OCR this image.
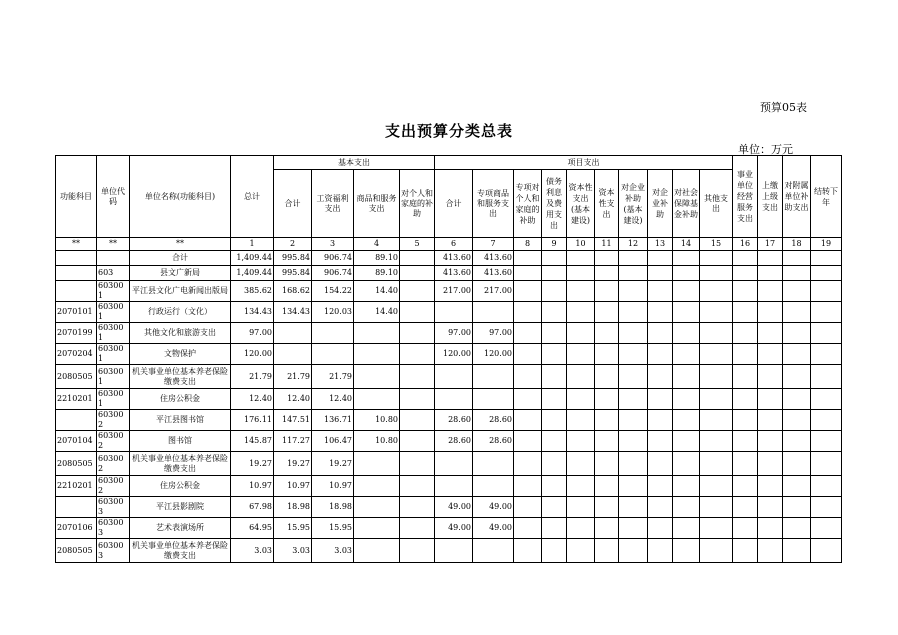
预算05表
支出预算分类总表
单位：万元
功能科目	单位代码	单位名称(功能科目)	总计	基本支出				项目支出										事业单位经营服务支出	上缴上级支出	对附属单位补助支出	结转下年
				合计	工资福利支出	商品和服务支出	对个人和家庭的补助	合计	专项商品和服务支出	专项对个人和家庭的补助	债务利息及费用支出	资本性支出(基本建设)	资本性支出	对企业补助(基本建设)	对企业补助	对社会保障基金补助	其他支出				
**	**	**	1	2	3	4	5	6	7	8	9	10	11	12	13	14	15	16	17	18	19
		合计	1,409.44	995.84	906.74	89.10		413.60	413.60												
	603	县文广新局	1,409.44	995.84	906.74	89.10		413.60	413.60												
	603001	平江县文化广电新闻出版局	385.62	168.62	154.22	14.40		217.00	217.00												
2070101	603001	行政运行（文化）	134.43	134.43	120.03	14.40															
2070199	603001	其他文化和旅游支出	97.00					97.00	97.00												
2070204	603001	文物保护	120.00					120.00	120.00												
2080505	603001	机关事业单位基本养老保险缴费支出	21.79	21.79	21.79																
2210201	603001	住房公积金	12.40	12.40	12.40																
	603002	平江县图书馆	176.11	147.51	136.71	10.80		28.60	28.60												
2070104	603002	图书馆	145.87	117.27	106.47	10.80		28.60	28.60												
2080505	603002	机关事业单位基本养老保险缴费支出	19.27	19.27	19.27																
2210201	603002	住房公积金	10.97	10.97	10.97																
	603003	平江县影剧院	67.98	18.98	18.98			49.00	49.00												
2070106	603003	艺术表演场所	64.95	15.95	15.95			49.00	49.00												
2080505	603003	机关事业单位基本养老保险缴费支出	3.03	3.03	3.03																
